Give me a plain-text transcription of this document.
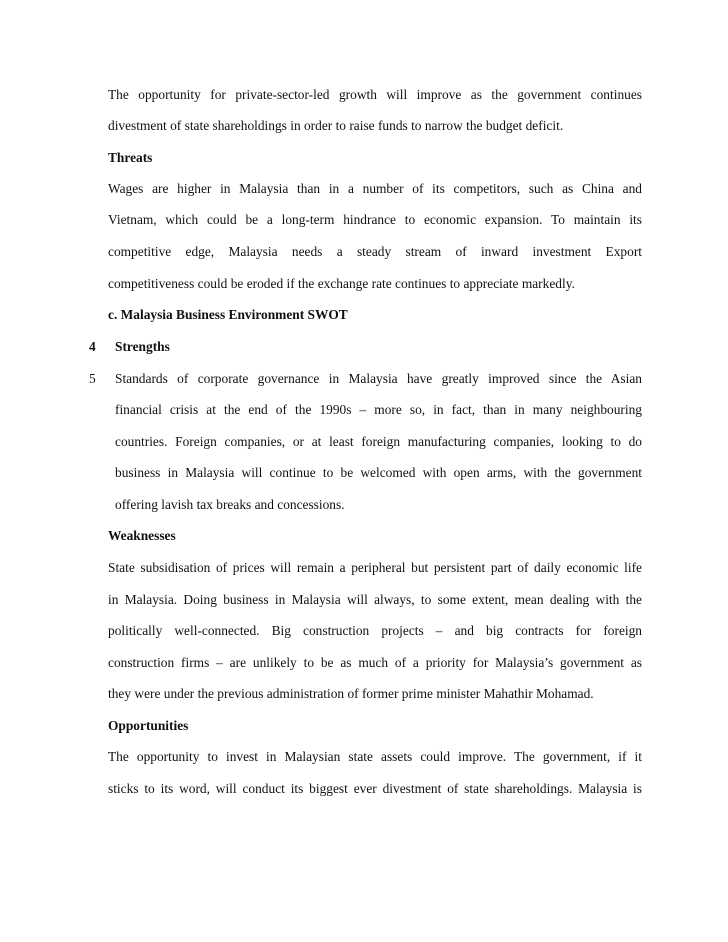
The opportunity for private-sector-led growth will improve as the government continues
divestment of state shareholdings in order to raise funds to narrow the budget deficit.
Threats
Wages are higher in Malaysia than in a number of its competitors, such as China and
Vietnam, which could be a long-term hindrance to economic expansion. To maintain its
competitive edge, Malaysia needs a steady stream of inward investment Export
competitiveness could be eroded if the exchange rate continues to appreciate markedly.
c. Malaysia Business Environment SWOT
4 Strengths
5 Standards of corporate governance in Malaysia have greatly improved since the Asian
financial crisis at the end of the 1990s – more so, in fact, than in many neighbouring
countries. Foreign companies, or at least foreign manufacturing companies, looking to do
business in Malaysia will continue to be welcomed with open arms, with the government
offering lavish tax breaks and concessions.
Weaknesses
State subsidisation of prices will remain a peripheral but persistent part of daily economic life
in Malaysia. Doing business in Malaysia will always, to some extent, mean dealing with the
politically well-connected. Big construction projects – and big contracts for foreign
construction firms – are unlikely to be as much of a priority for Malaysia’s government as
they were under the previous administration of former prime minister Mahathir Mohamad.
Opportunities
The opportunity to invest in Malaysian state assets could improve. The government, if it
sticks to its word, will conduct its biggest ever divestment of state shareholdings. Malaysia is
